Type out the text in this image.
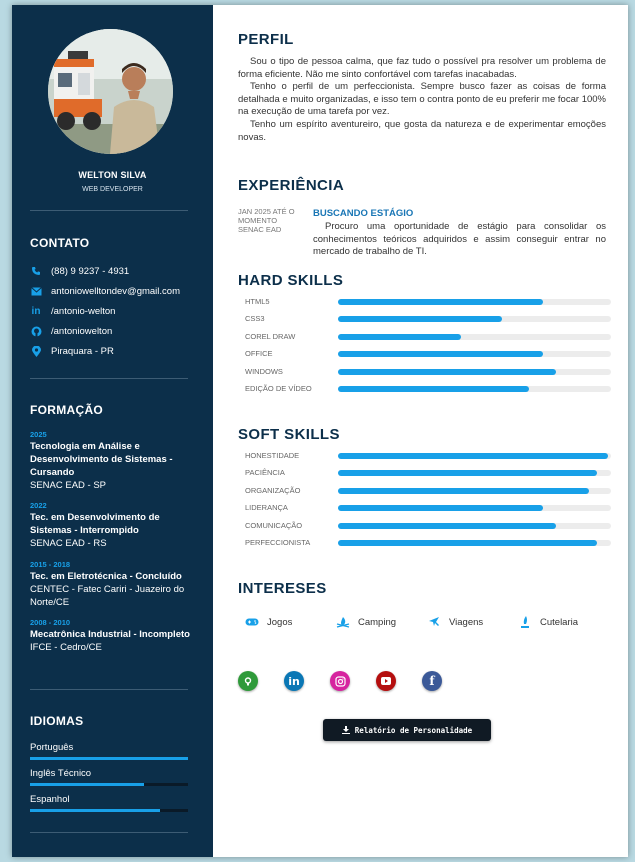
WELTON SILVA
WEB DEVELOPER
CONTATO
(88) 9 9237 - 4931
antoniowelltondev@gmail.com
in /antonio-welton
/antoniowelton
Piraquara - PR
FORMAÇÃO
2025
Tecnologia em Análise e Desenvolvimento de Sistemas - Cursando
SENAC EAD - SP
2022
Tec. em Desenvolvimento de Sistemas - Interrompido
SENAC EAD - RS
2015 - 2018
Tec. em Eletrotécnica - Concluído
CENTEC - Fatec Cariri - Juazeiro do Norte/CE
2008 - 2010
Mecatrônica Industrial - Incompleto
IFCE - Cedro/CE
IDIOMAS
Português
Inglês Técnico
Espanhol
PERFIL
Sou o tipo de pessoa calma, que faz tudo o possível pra resolver um problema de forma eficiente. Não me sinto confortável com tarefas inacabadas.
Tenho o perfil de um perfeccionista. Sempre busco fazer as coisas de forma detalhada e muito organizadas, e isso tem o contra ponto de eu preferir me focar 100% na execução de uma tarefa por vez.
Tenho um espírito aventureiro, que gosta da natureza e de experimentar emoções novas.
EXPERIÊNCIA
JAN 2025 ATÉ O MOMENTO
SENAC EAD
BUSCANDO ESTÁGIO
Procuro uma oportunidade de estágio para consolidar os conhecimentos teóricos adquiridos e assim conseguir entrar no mercado de trabalho de TI.
HARD SKILLS
HTML5
CSS3
COREL DRAW
OFFICE
WINDOWS
EDIÇÃO DE VÍDEO
SOFT SKILLS
HONESTIDADE
PACIÊNCIA
ORGANIZAÇÃO
LIDERANÇA
COMUNICAÇÃO
PERFECCIONISTA
INTERESES
Jogos	Camping	Viagens	Cutelaria
in	f
Relatório de Personalidade
